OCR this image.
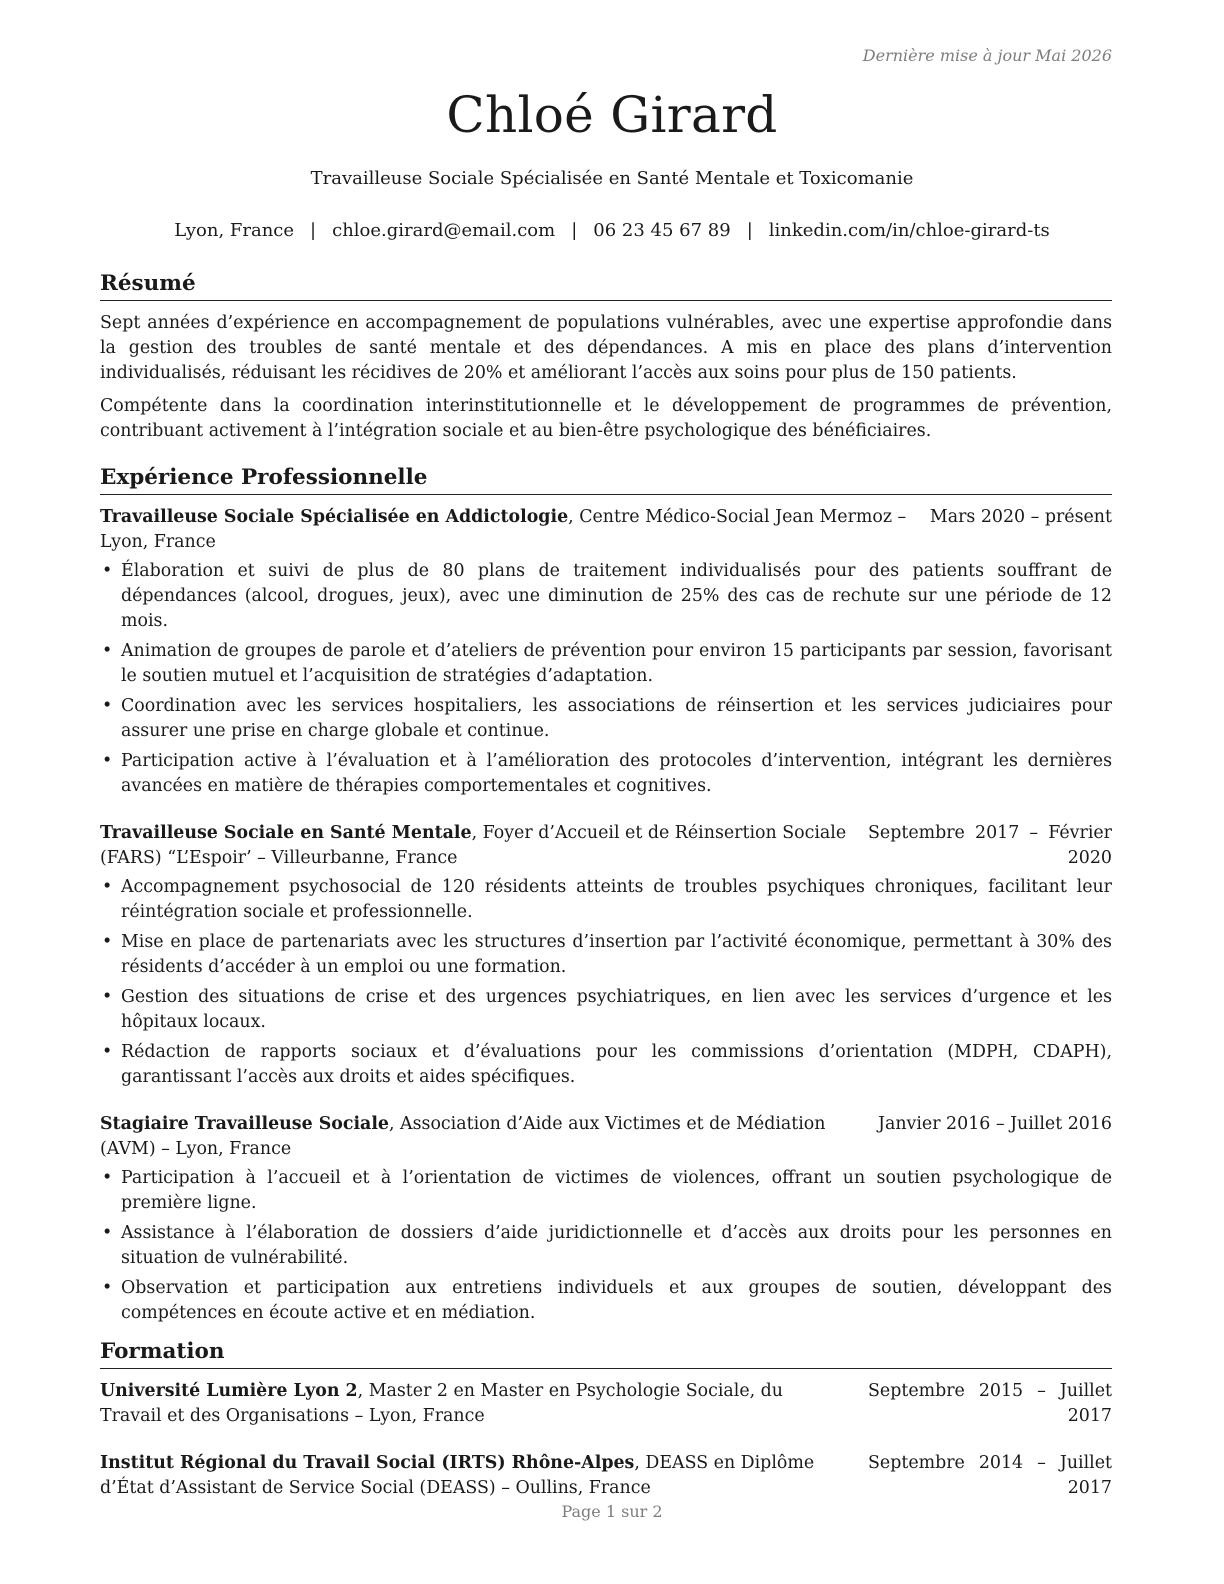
Dernière mise à jour Mai 2026
Chloé Girard
Travailleuse Sociale Spécialisée en Santé Mentale et Toxicomanie
Lyon, France | chloe.girard@email.com | 06 23 45 67 89 | linkedin.com/in/chloe-girard-ts
Résumé

Sept années d’expérience en accompagnement de populations vulnérables, avec une expertise approfondie dans la gestion des troubles de santé mentale et des dépendances. A mis en place des plans d’intervention individualisés, réduisant les récidives de 20% et améliorant l’accès aux soins pour plus de 150 patients.

Compétente dans la coordination interinstitutionnelle et le développement de programmes de prévention, contribuant activement à l’intégration sociale et au bien-être psychologique des bénéficiaires.

Expérience Professionnelle
Travailleuse Sociale Spécialisée en Addictologie, Centre Médico-Social Jean Mermoz – Lyon, France
Mars 2020 – présent
• Élaboration et suivi de plus de 80 plans de traitement individualisés pour des patients souffrant de dépendances (alcool, drogues, jeux), avec une diminution de 25% des cas de rechute sur une période de 12 mois.
• Animation de groupes de parole et d’ateliers de prévention pour environ 15 participants par session, favorisant le soutien mutuel et l’acquisition de stratégies d’adaptation.
• Coordination avec les services hospitaliers, les associations de réinsertion et les services judiciaires pour assurer une prise en charge globale et continue.
• Participation active à l’évaluation et à l’amélioration des protocoles d’intervention, intégrant les dernières avancées en matière de thérapies comportementales et cognitives.
Travailleuse Sociale en Santé Mentale, Foyer d’Accueil et de Réinsertion Sociale (FARS) “L’Espoir’ – Villeurbanne, France
Septembre 2017 – Février 2020
• Accompagnement psychosocial de 120 résidents atteints de troubles psychiques chroniques, facilitant leur réintégration sociale et professionnelle.
• Mise en place de partenariats avec les structures d’insertion par l’activité économique, permettant à 30% des résidents d’accéder à un emploi ou une formation.
• Gestion des situations de crise et des urgences psychiatriques, en lien avec les services d’urgence et les hôpitaux locaux.
• Rédaction de rapports sociaux et d’évaluations pour les commissions d’orientation (MDPH, CDAPH), garantissant l’accès aux droits et aides spécifiques.
Stagiaire Travailleuse Sociale, Association d’Aide aux Victimes et de Médiation (AVM) – Lyon, France
Janvier 2016 – Juillet 2016
• Participation à l’accueil et à l’orientation de victimes de violences, offrant un soutien psychologique de première ligne.
• Assistance à l’élaboration de dossiers d’aide juridictionnelle et d’accès aux droits pour les personnes en situation de vulnérabilité.
• Observation et participation aux entretiens individuels et aux groupes de soutien, développant des compétences en écoute active et en médiation.
Formation
Université Lumière Lyon 2, Master 2 en Master en Psychologie Sociale, du Travail et des Organisations – Lyon, France
Septembre 2015 – Juillet 2017
Institut Régional du Travail Social (IRTS) Rhône-Alpes, DEASS en Diplôme d’État d’Assistant de Service Social (DEASS) – Oullins, France
Septembre 2014 – Juillet 2017
Page 1 sur 2
